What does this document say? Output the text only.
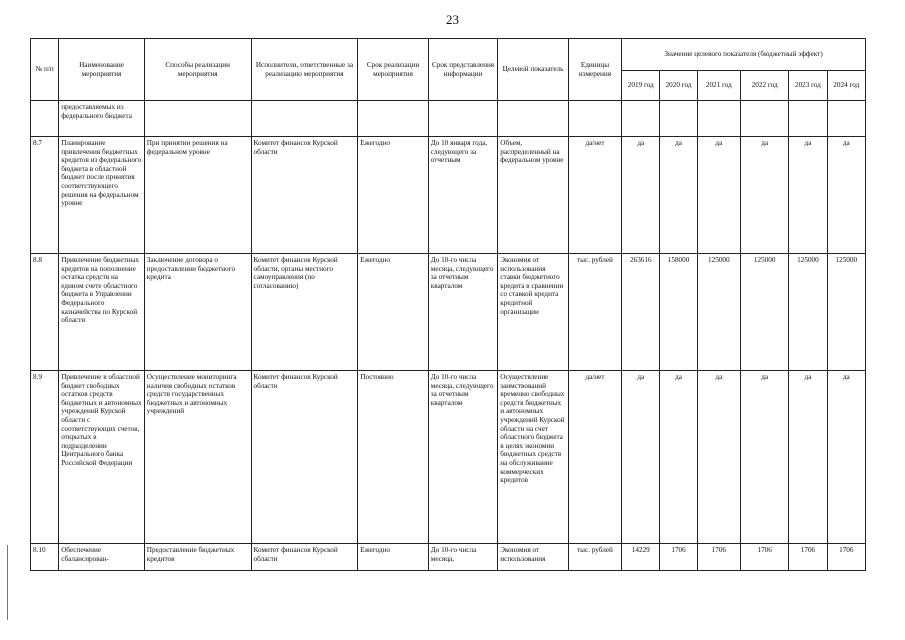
23
№ п/п	Наименование мероприятия	Способы реализации мероприятия	Исполнители, ответственные за реализацию мероприятия	Срок реализации мероприятия	Срок представления информации	Целевой показатель	Единицы измерения	Значение целевого показателя (бюджетный эффект)					
								2019 год	2020 год	2021 год	2022 год	2023 год	2024 год
	предоставляемых из федерального бюджета												
8.7	Планирование привлечения бюджетных кредитов из федерального бюджета в областной бюджет после принятия соответствующего решения на федеральном уровне	При принятии решения на федеральном уровне	Комитет финансов Курской области	Ежегодно	До 10 января года, следующего за отчетным	Объем, распределенный на федеральном уровне	да/нет	да	да	да	да	да	да
8.8	Привлечение бюджетных кредитов на пополнение остатка средств на едином счете областного бюджета в Управлении Федерального казначейства по Курской области	Заключение договора о предоставлении бюджетного кредита	Комитет финансов Курской области, органы местного самоуправления (по согласованию)	Ежегодно	До 10-го числа месяца, следующего за отчетным кварталом	Экономия от использования ставки бюджетного кредита в сравнении со ставкой кредита кредитной организации	тыс. рублей	263616	158000	125000	125000	125000	125000
8.9	Привлечение в областной бюджет свободных остатков средств бюджетных и автономных учреждений Курской области с соответствующих счетов, открытых в подразделении Центрального банка Российской Федерации	Осуществление мониторинга наличия свободных остатков средств государственных бюджетных и автономных учреждений	Комитет финансов Курской области	Постоянно	До 10-го числа месяца, следующего за отчетным кварталом	Осуществление заимствований временно свободных средств бюджетных и автономных учреждений Курской области на счет областного бюджета в целях экономии бюджетных средств на обслуживание коммерческих кредитов	да/нет	да	да	да	да	да	да
8.10	Обеспечение сбалансирован-	Предоставление бюджетных кредитов	Комитет финансов Курской области	Ежегодно	До 10-го числа месяца,	Экономия от использования	тыс. рублей	14229	1706	1706	1706	1706	1706
